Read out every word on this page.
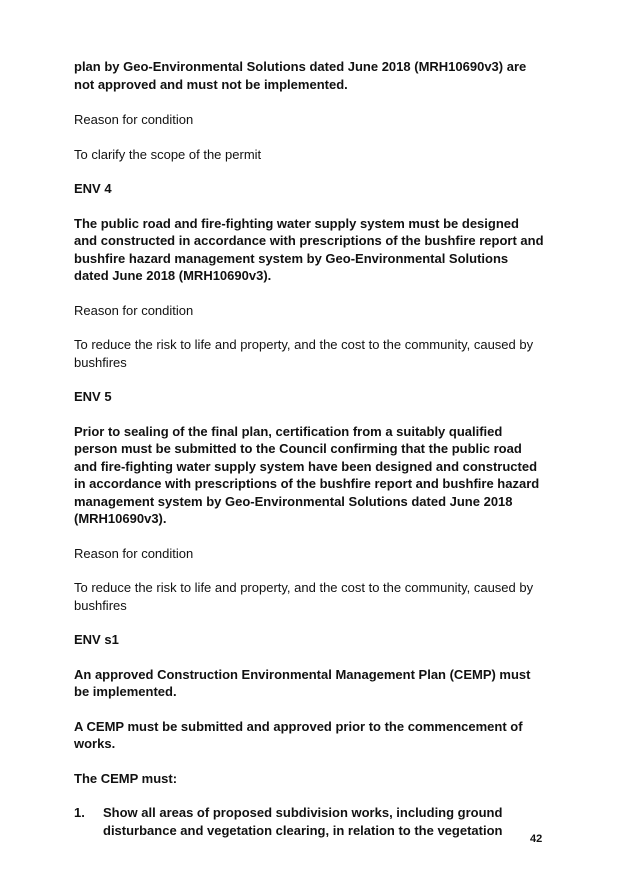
plan by Geo-Environmental Solutions dated June 2018 (MRH10690v3) are not approved and must not be implemented.

Reason for condition

To clarify the scope of the permit

ENV 4

The public road and fire-fighting water supply system must be designed and constructed in accordance with prescriptions of the bushfire report and bushfire hazard management system by Geo-Environmental Solutions dated June 2018 (MRH10690v3).

Reason for condition

To reduce the risk to life and property, and the cost to the community, caused by bushfires

ENV 5

Prior to sealing of the final plan, certification from a suitably qualified person must be submitted to the Council confirming that the public road and fire-fighting water supply system have been designed and constructed in accordance with prescriptions of the bushfire report and bushfire hazard management system by Geo-Environmental Solutions dated June 2018 (MRH10690v3).

Reason for condition

To reduce the risk to life and property, and the cost to the community, caused by bushfires

ENV s1

An approved Construction Environmental Management Plan (CEMP) must be implemented.

A CEMP must be submitted and approved prior to the commencement of works.

The CEMP must:

1.	Show all areas of proposed subdivision works, including ground disturbance and vegetation clearing, in relation to the vegetation
42
